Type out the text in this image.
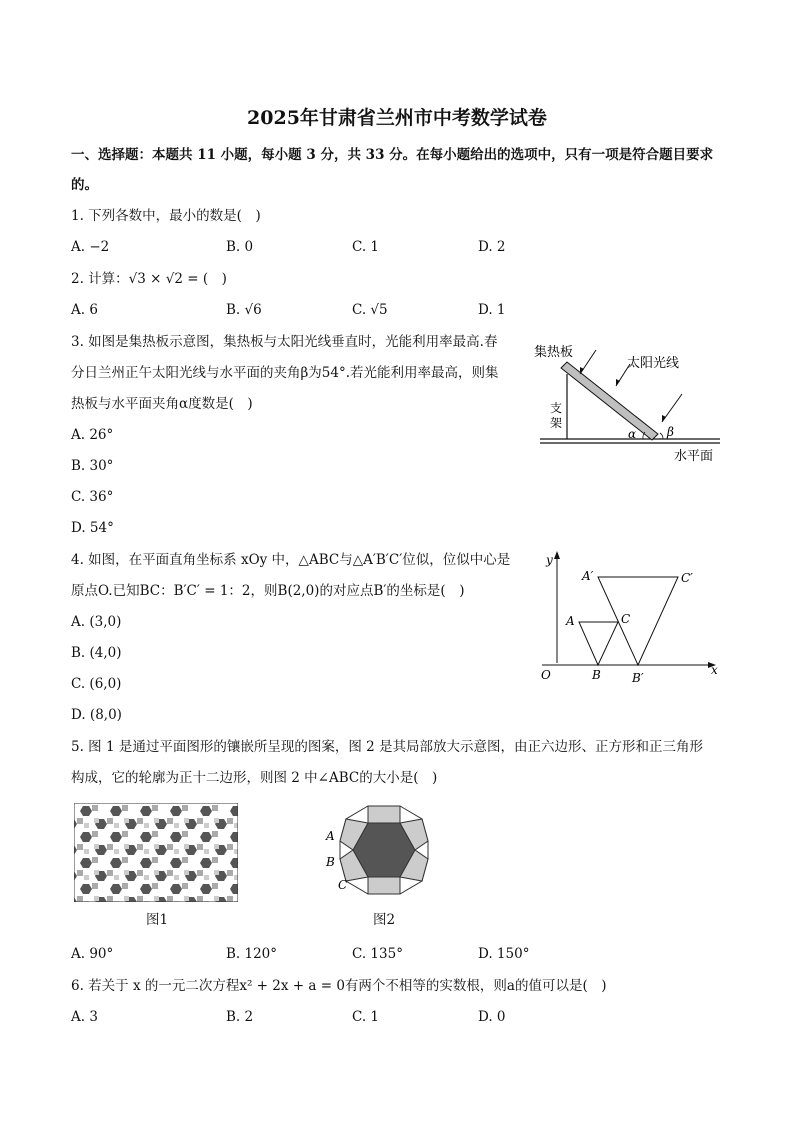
2025年甘肃省兰州市中考数学试卷
一、选择题：本题共 11 小题，每小题 3 分，共 33 分。在每小题给出的选项中，只有一项是符合题目要求
的。
1. 下列各数中，最小的数是(　)
A. −2	B. 0	C. 1	D. 2
2. 计算：√3 × √2 = (　)
A. 6	B. √6	C. √5	D. 1
3. 如图是集热板示意图，集热板与太阳光线垂直时，光能利用率最高.春
分日兰州正午太阳光线与水平面的夹角β为54°.若光能利用率最高，则集
热板与水平面夹角α度数是(　)
A. 26°
B. 30°
C. 36°
D. 54°
集热板
太阳光线
支
架
α	β
水平面
4. 如图，在平面直角坐标系 xOy 中，△ABC与△A′B′C′位似，位似中心是
原点O.已知BC：B′C′ = 1：2，则B(2,0)的对应点B′的坐标是(　)
A. (3,0)
B. (4,0)
C. (6,0)
D. (8,0)
y
x
O
A
B
C
A′
B′
C′
5. 图 1 是通过平面图形的镶嵌所呈现的图案，图 2 是其局部放大示意图，由正六边形、正方形和正三角形
构成，它的轮廓为正十二边形，则图 2 中∠ABC的大小是(　)
图1
A
B
C
图2
A. 90°	B. 120°	C. 135°	D. 150°
6. 若关于 x 的一元二次方程x² + 2x + a = 0有两个不相等的实数根，则a的值可以是(　)
A. 3	B. 2	C. 1	D. 0
